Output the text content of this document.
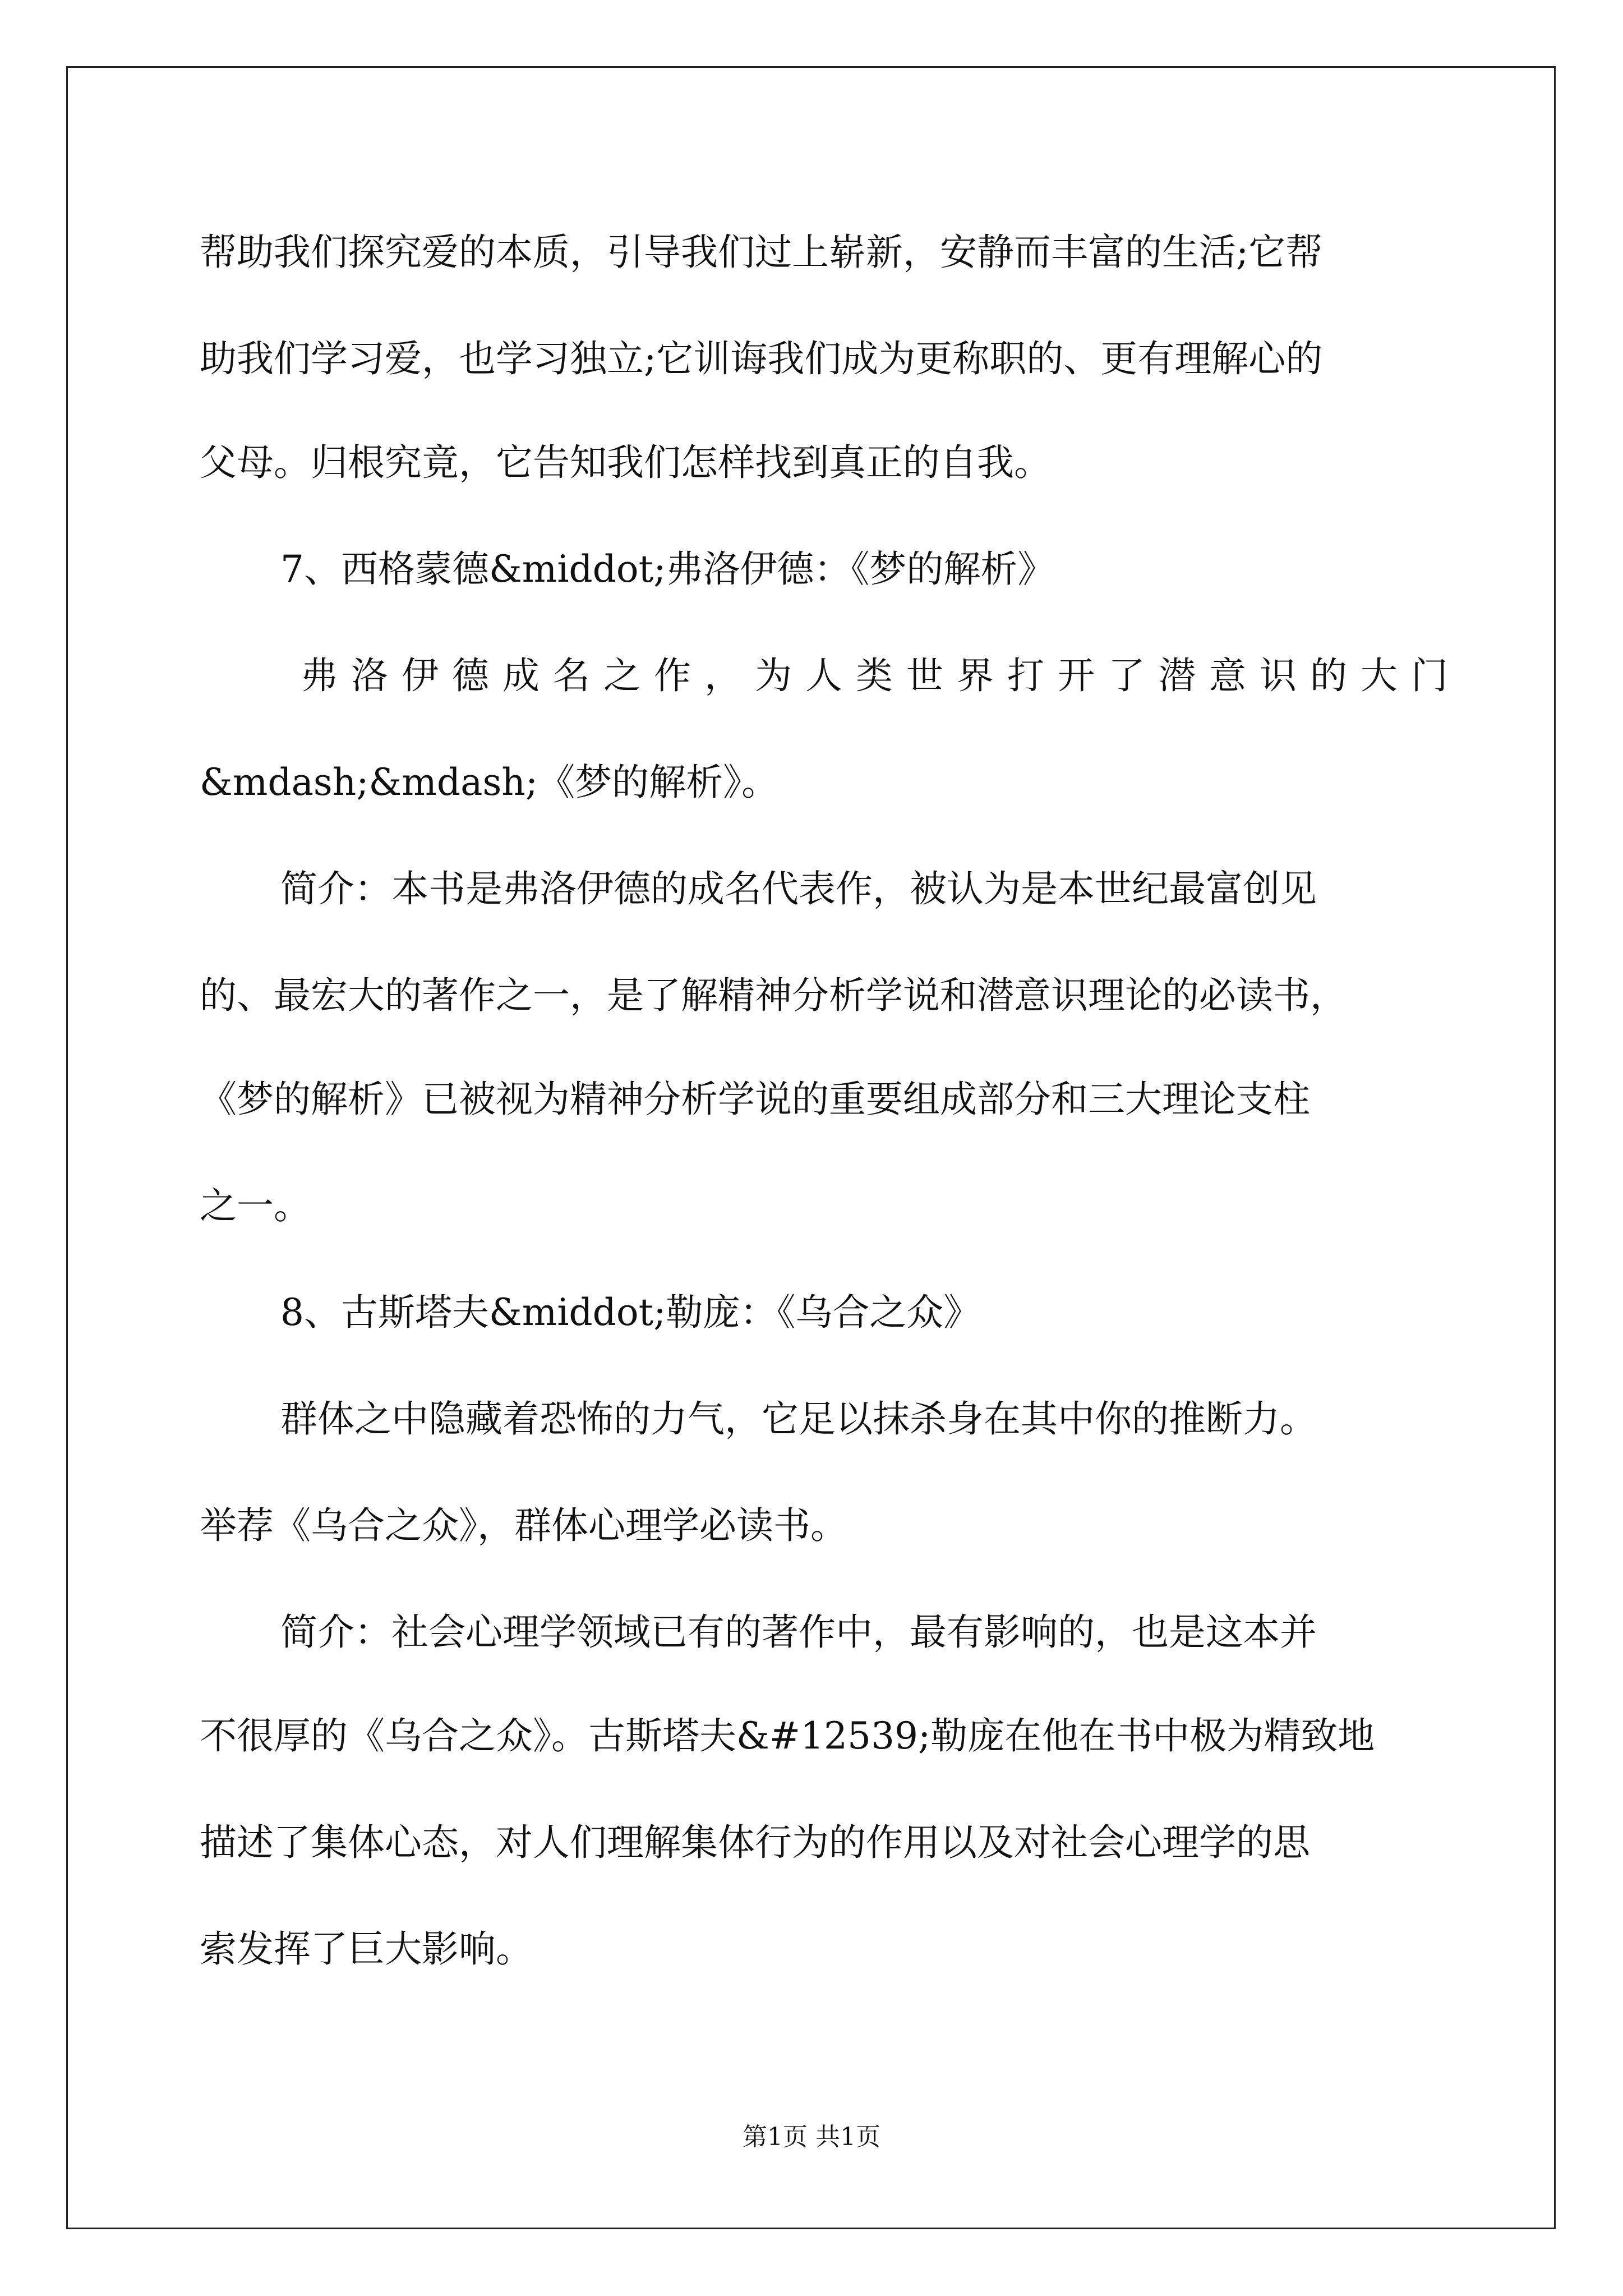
帮助我们探究爱的本质，引导我们过上崭新，安静而丰富的生活;它帮
助我们学习爱，也学习独立;它训诲我们成为更称职的、更有理解心的
父母。归根究竟，它告知我们怎样找到真正的自我。
7、西格蒙德&middot;弗洛伊德：《梦的解析》
弗洛伊德成名之作，为人类世界打开了潜意识的大门
&mdash;&mdash;《梦的解析》。
简介：本书是弗洛伊德的成名代表作，被认为是本世纪最富创见
的、最宏大的著作之一，是了解精神分析学说和潜意识理论的必读书，
《梦的解析》已被视为精神分析学说的重要组成部分和三大理论支柱
之一。
8、古斯塔夫&middot;勒庞：《乌合之众》
群体之中隐藏着恐怖的力气，它足以抹杀身在其中你的推断力。
举荐《乌合之众》，群体心理学必读书。
简介：社会心理学领域已有的著作中，最有影响的，也是这本并
不很厚的《乌合之众》。古斯塔夫&#12539;勒庞在他在书中极为精致地
描述了集体心态，对人们理解集体行为的作用以及对社会心理学的思
索发挥了巨大影响。
第1页 共1页
